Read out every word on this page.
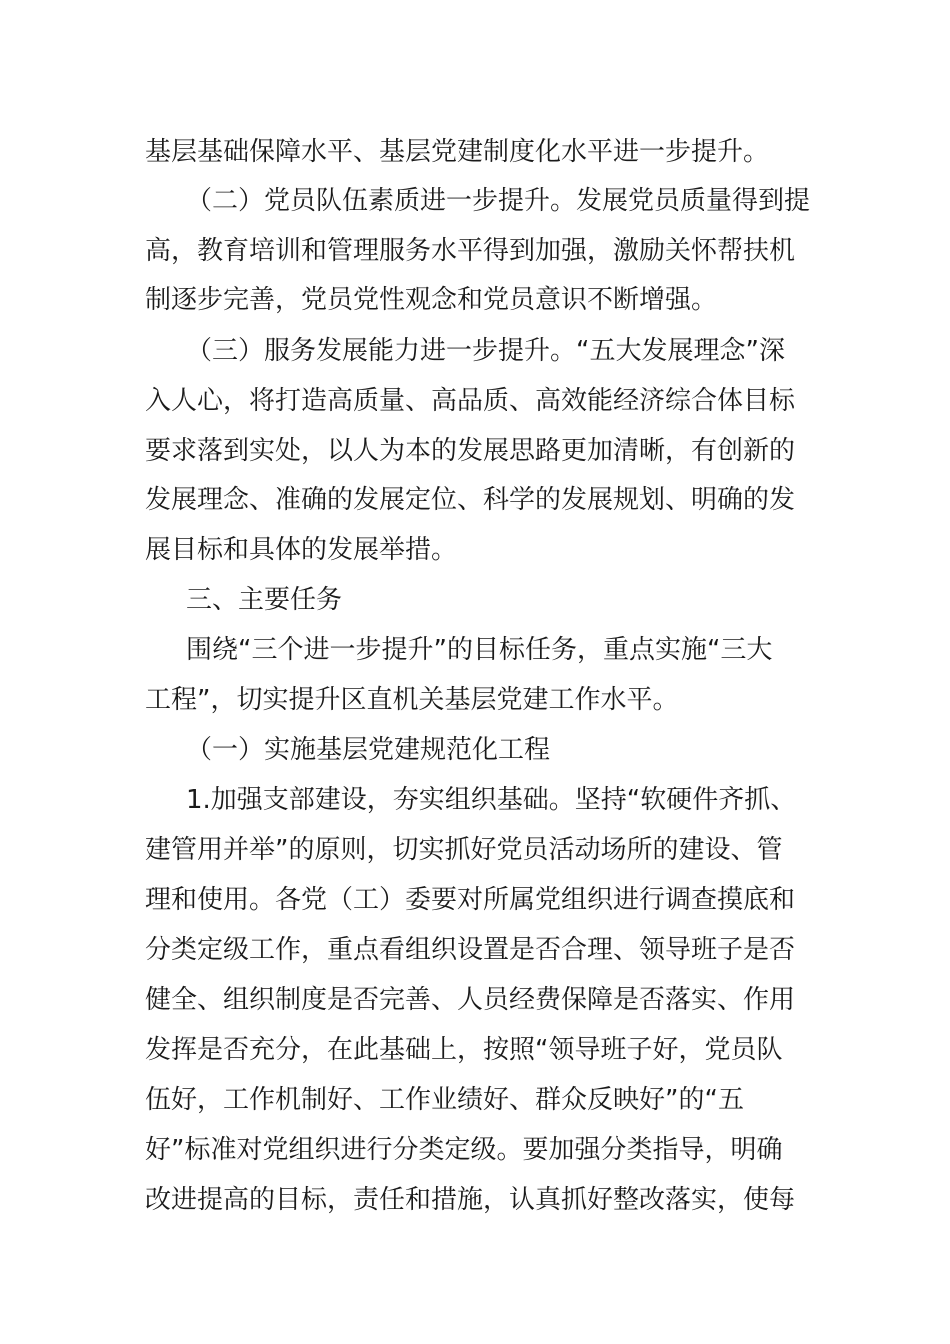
基层基础保障水平、基层党建制度化水平进一步提升。
（二）党员队伍素质进一步提升。发展党员质量得到提
高，教育培训和管理服务水平得到加强，激励关怀帮扶机
制逐步完善，党员党性观念和党员意识不断增强。
（三）服务发展能力进一步提升。“五大发展理念”深
入人心，将打造高质量、高品质、高效能经济综合体目标
要求落到实处，以人为本的发展思路更加清晰，有创新的
发展理念、准确的发展定位、科学的发展规划、明确的发
展目标和具体的发展举措。
三、主要任务
围绕“三个进一步提升”的目标任务，重点实施“三大
工程”，切实提升区直机关基层党建工作水平。
（一）实施基层党建规范化工程
1.加强支部建设，夯实组织基础。坚持“软硬件齐抓、
建管用并举”的原则，切实抓好党员活动场所的建设、管
理和使用。各党（工）委要对所属党组织进行调查摸底和
分类定级工作，重点看组织设置是否合理、领导班子是否
健全、组织制度是否完善、人员经费保障是否落实、作用
发挥是否充分，在此基础上，按照“领导班子好，党员队
伍好，工作机制好、工作业绩好、群众反映好”的“五
好”标准对党组织进行分类定级。要加强分类指导，明确
改进提高的目标，责任和措施，认真抓好整改落实，使每
